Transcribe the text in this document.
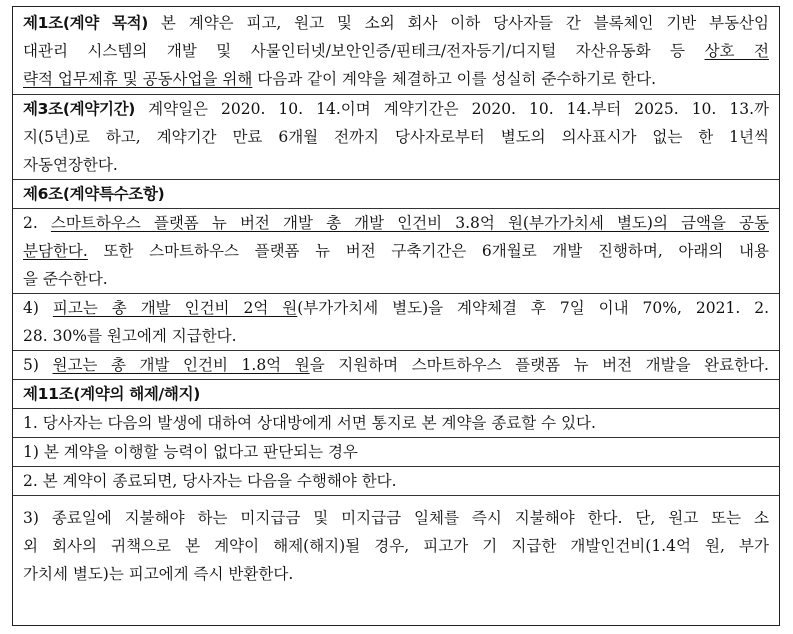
제1조(계약 목적) 본 계약은 피고, 원고 및 소외 회사 이하 당사자들 간 블록체인 기반 부동산임
대관리 시스템의 개발 및 사물인터넷/보안인증/핀테크/전자등기/디지털 자산유동화 등 상호 전
략적 업무제휴 및 공동사업을 위해 다음과 같이 계약을 체결하고 이를 성실히 준수하기로 한다.
제3조(계약기간) 계약일은 2020. 10. 14.이며 계약기간은 2020. 10. 14.부터 2025. 10. 13.까
지(5년)로 하고, 계약기간 만료 6개월 전까지 당사자로부터 별도의 의사표시가 없는 한 1년씩
자동연장한다.
제6조(계약특수조항)
2. 스마트하우스 플랫폼 뉴 버전 개발 총 개발 인건비 3.8억 원(부가가치세 별도)의 금액을 공동
분담한다. 또한 스마트하우스 플랫폼 뉴 버전 구축기간은 6개월로 개발 진행하며, 아래의 내용
을 준수한다.
4) 피고는 총 개발 인건비 2억 원(부가가치세 별도)을 계약체결 후 7일 이내 70%, 2021. 2.
28. 30%를 원고에게 지급한다.
5) 원고는 총 개발 인건비 1.8억 원을 지원하며 스마트하우스 플랫폼 뉴 버전 개발을 완료한다.
제11조(계약의 해제/해지)
1. 당사자는 다음의 발생에 대하여 상대방에게 서면 통지로 본 계약을 종료할 수 있다.
1) 본 계약을 이행할 능력이 없다고 판단되는 경우
2. 본 계약이 종료되면, 당사자는 다음을 수행해야 한다.
3) 종료일에 지불해야 하는 미지급금 및 미지급금 일체를 즉시 지불해야 한다. 단, 원고 또는 소
외 회사의 귀책으로 본 계약이 해제(해지)될 경우, 피고가 기 지급한 개발인건비(1.4억 원, 부가
가치세 별도)는 피고에게 즉시 반환한다.
